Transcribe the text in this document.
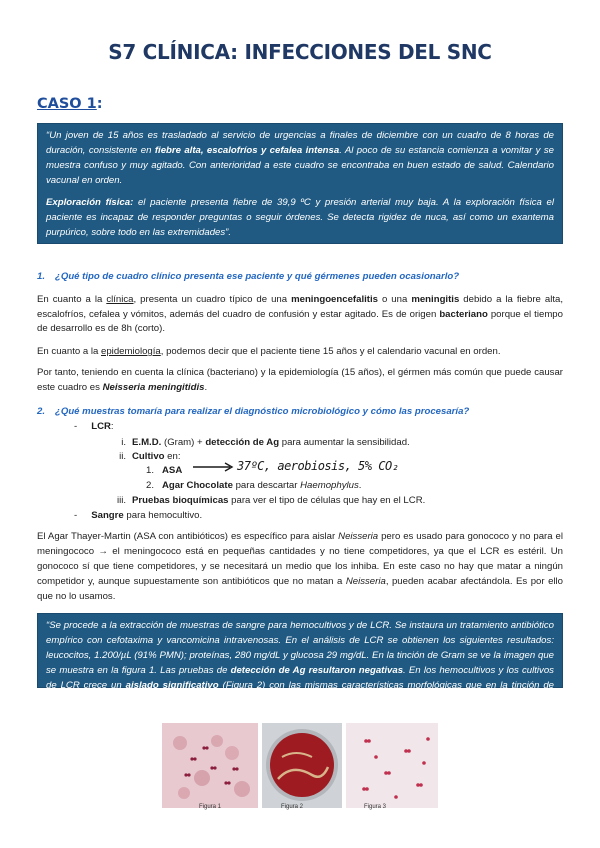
S7 CLÍNICA: INFECCIONES DEL SNC
CASO 1:

“Un joven de 15 años es trasladado al servicio de urgencias a finales de diciembre con un cuadro de 8 horas de duración, consistente en fiebre alta, escalofríos y cefalea intensa. Al poco de su estancia comienza a vomitar y se muestra confuso y muy agitado. Con anterioridad a este cuadro se encontraba en buen estado de salud. Calendario vacunal en orden.

Exploración física: el paciente presenta fiebre de 39,9 ºC y presión arterial muy baja. A la exploración física el paciente es incapaz de responder preguntas o seguir órdenes. Se detecta rigidez de nuca, así como un exantema purpúrico, sobre todo en las extremidades”.

1. ¿Qué tipo de cuadro clínico presenta ese paciente y qué gérmenes pueden ocasionarlo?

En cuanto a la clínica, presenta un cuadro típico de una meningoencefalitis o una meningitis debido a la fiebre alta, escalofríos, cefalea y vómitos, además del cuadro de confusión y estar agitado. Es de origen bacteriano porque el tiempo de desarrollo es de 8h (corto).

En cuanto a la epidemiología, podemos decir que el paciente tiene 15 años y el calendario vacunal en orden.

Por tanto, teniendo en cuenta la clínica (bacteriano) y la epidemiología (15 años), el gérmen más común que puede causar este cuadro es Neisseria meningitidis.

2. ¿Qué muestras tomaría para realizar el diagnóstico microbiológico y cómo las procesaría?

- LCR:
i. E.M.D. (Gram) + detección de Ag para aumentar la sensibilidad.
ii. Cultivo en:
1. ASA	37ºC, aerobiosis, 5% CO₂
2. Agar Chocolate para descartar Haemophylus.
iii. Pruebas bioquímicas para ver el tipo de células que hay en el LCR.
- Sangre para hemocultivo.

El Agar Thayer-Martin (ASA con antibióticos) es específico para aislar Neisseria pero es usado para gonococo y no para el meningococo → el meningococo está en pequeñas cantidades y no tiene competidores, ya que el LCR es estéril. Un gonococo sí que tiene competidores, y se necesitará un medio que los inhiba. En este caso no hay que matar a ningún competidor y, aunque supuestamente son antibióticos que no matan a Neisseria, pueden acabar afectándola. Es por ello que no lo usamos.

“Se procede a la extracción de muestras de sangre para hemocultivos y de LCR. Se instaura un tratamiento antibiótico empírico con cefotaxima y vancomicina intravenosas. En el análisis de LCR se obtienen los siguientes resultados: leucocitos, 1.200/µL (91% PMN); proteínas, 280 mg/dL y glucosa 29 mg/dL. En la tinción de Gram se ve la imagen que se muestra en la figura 1. Las pruebas de detección de Ag resultaron negativas. En los hemocultivos y los cultivos de LCR crece un aislado significativo (Figura 2) con las mismas características morfológicas que en la tinción de Gram (Figura 3)”.

Figura 1	Figura 2	Figura 3
